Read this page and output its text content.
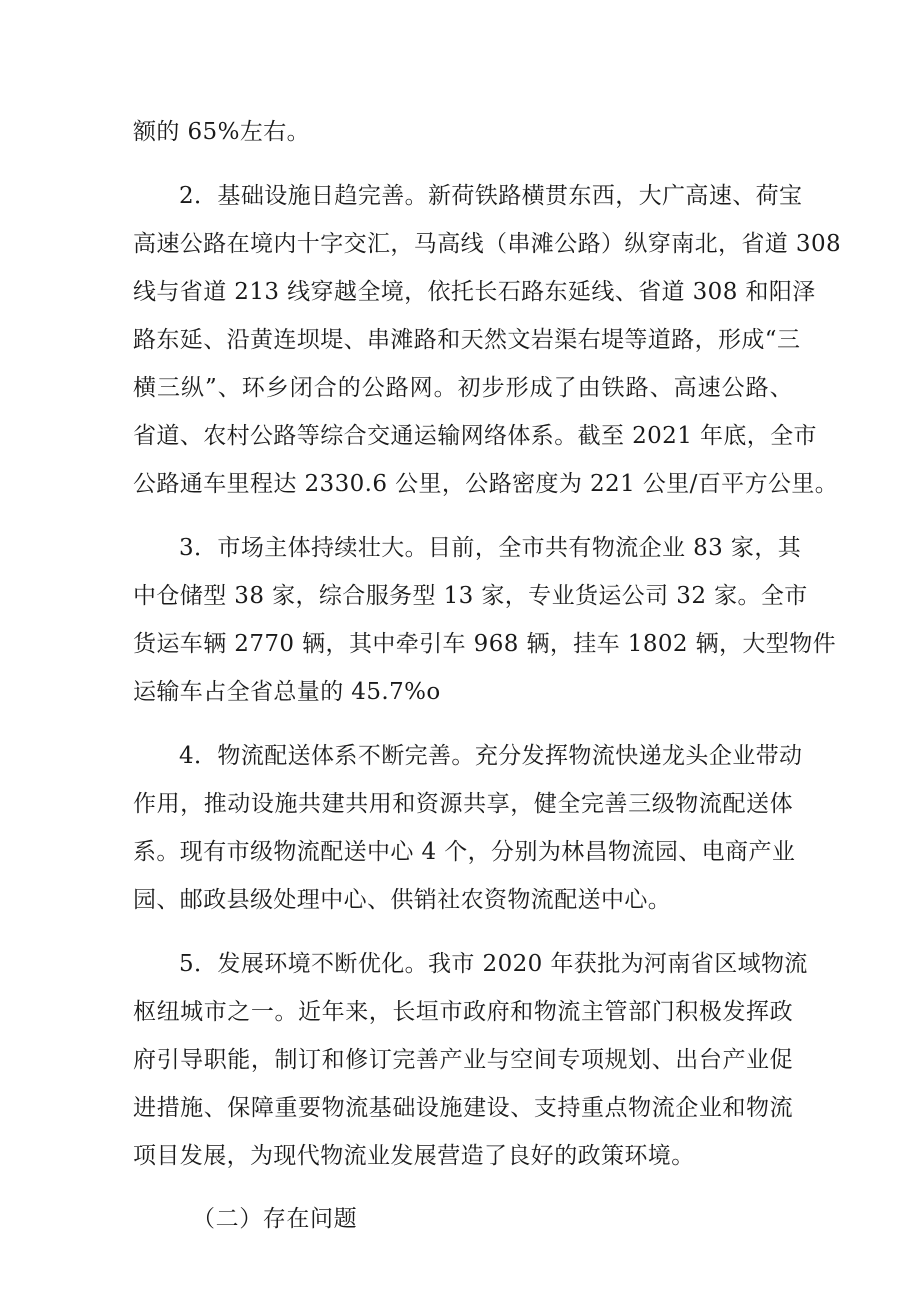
额的 65%左右。
2．基础设施日趋完善。新荷铁路横贯东西，大广高速、荷宝
高速公路在境内十字交汇，马高线（串滩公路）纵穿南北，省道 308
线与省道 213 线穿越全境，依托长石路东延线、省道 308 和阳泽
路东延、沿黄连坝堤、串滩路和天然文岩渠右堤等道路，形成“三
横三纵”、环乡闭合的公路网。初步形成了由铁路、高速公路、
省道、农村公路等综合交通运输网络体系。截至 2021 年底，全市
公路通车里程达 2330.6 公里，公路密度为 221 公里/百平方公里。
3．市场主体持续壮大。目前，全市共有物流企业 83 家，其
中仓储型 38 家，综合服务型 13 家，专业货运公司 32 家。全市
货运车辆 2770 辆，其中牵引车 968 辆，挂车 1802 辆，大型物件
运输车占全省总量的 45.7%o
4．物流配送体系不断完善。充分发挥物流快递龙头企业带动
作用，推动设施共建共用和资源共享，健全完善三级物流配送体
系。现有市级物流配送中心 4 个，分别为林昌物流园、电商产业
园、邮政县级处理中心、供销社农资物流配送中心。
5．发展环境不断优化。我市 2020 年获批为河南省区域物流
枢纽城市之一。近年来，长垣市政府和物流主管部门积极发挥政
府引导职能，制订和修订完善产业与空间专项规划、出台产业促
进措施、保障重要物流基础设施建设、支持重点物流企业和物流
项目发展，为现代物流业发展营造了良好的政策环境。
（二）存在问题
